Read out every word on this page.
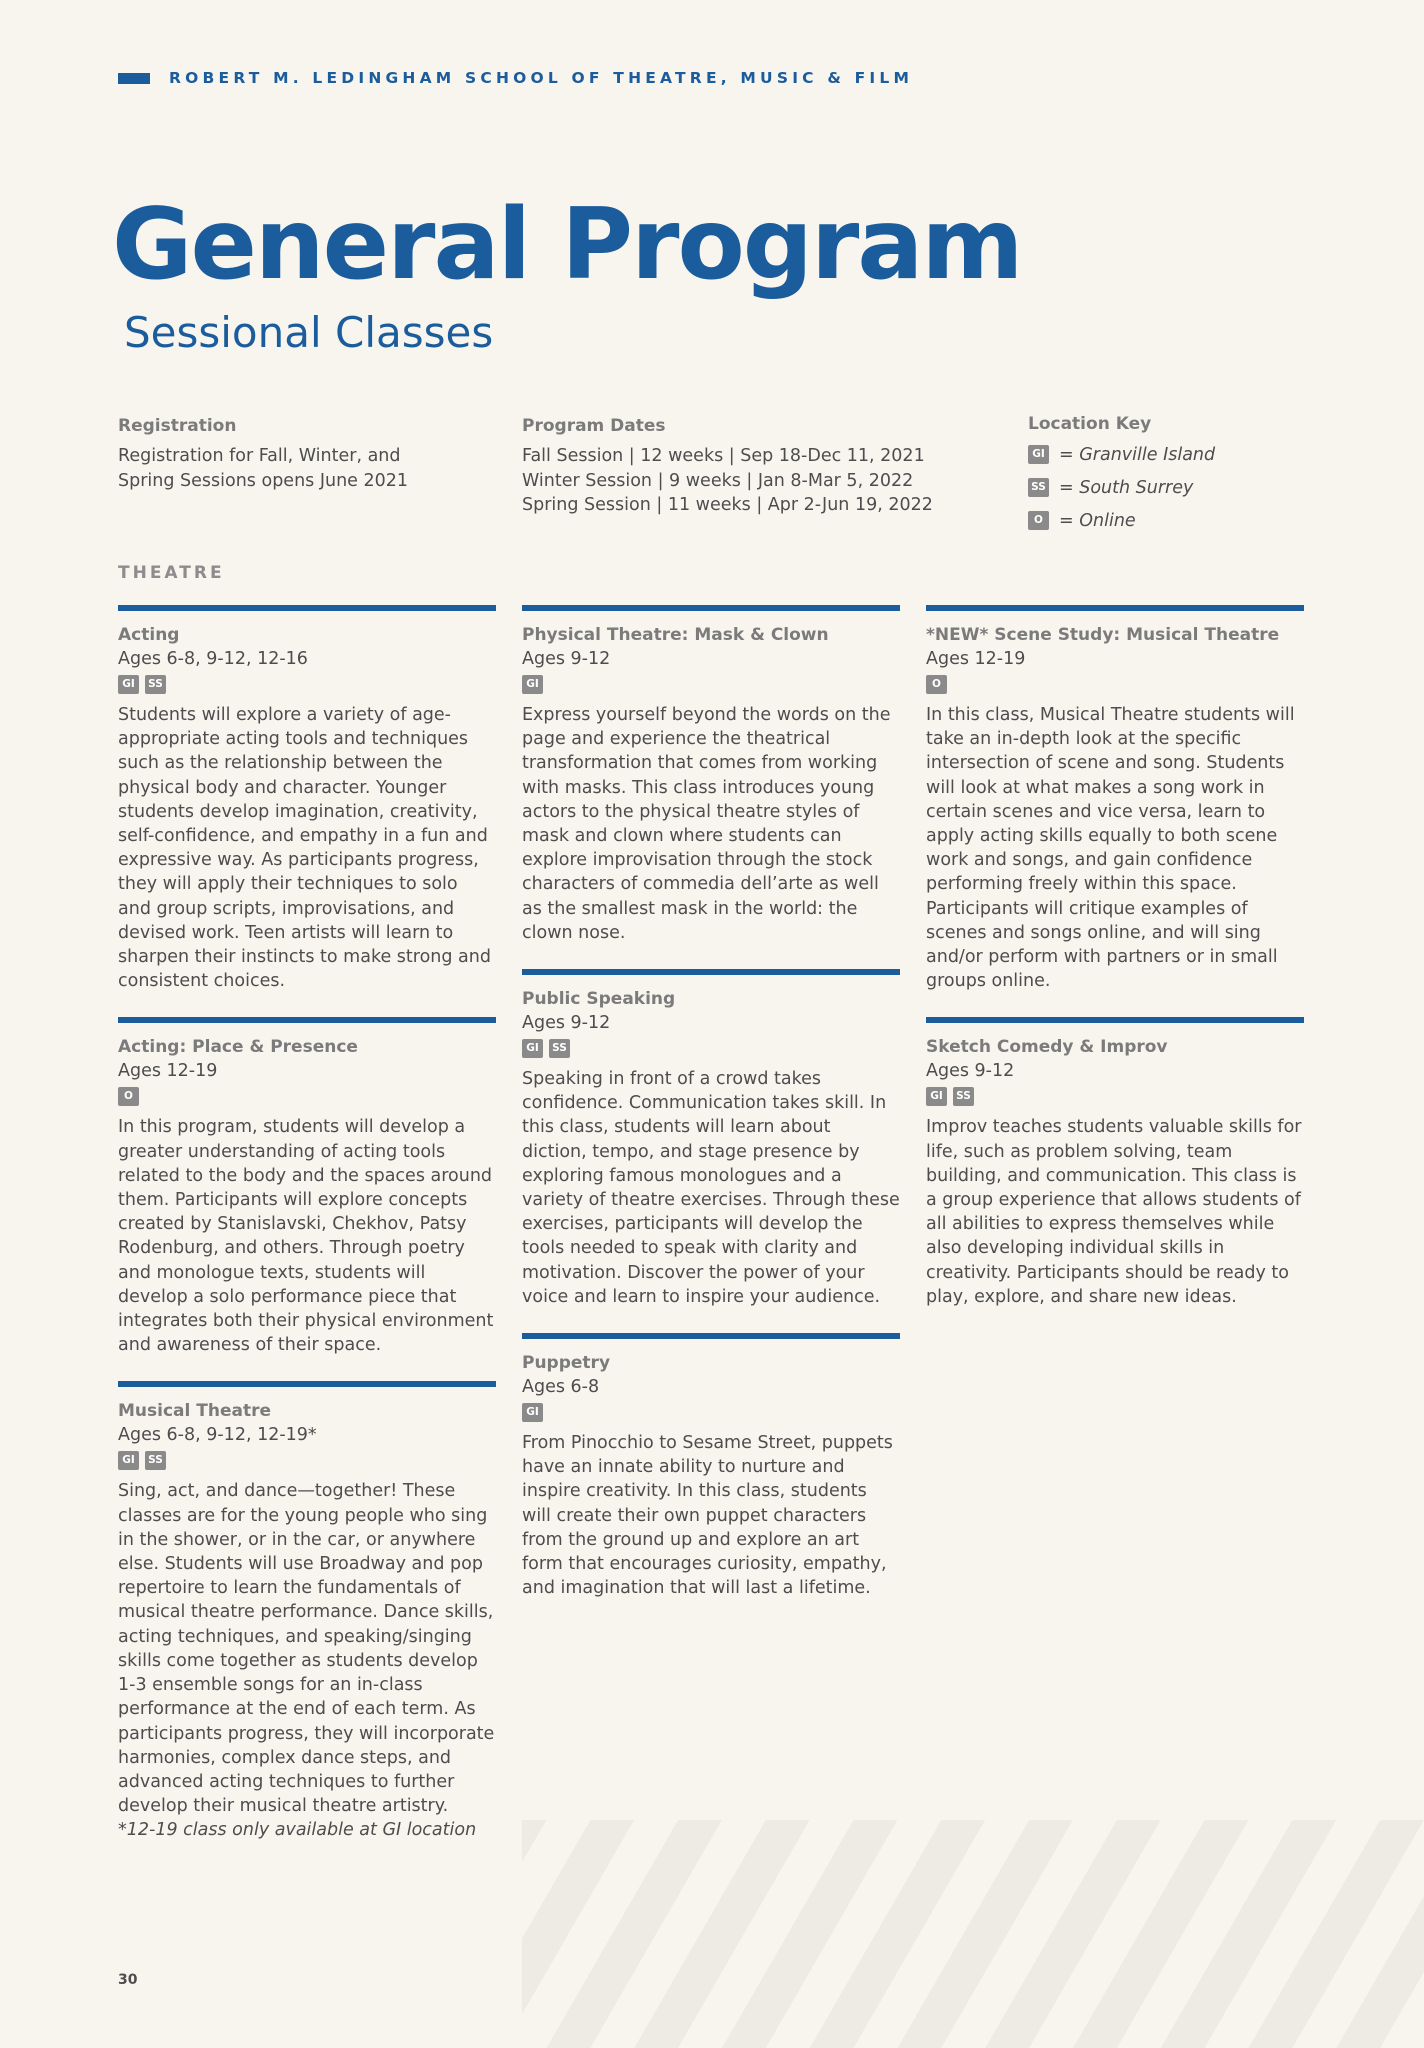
ROBERT M. LEDINGHAM SCHOOL OF THEATRE, MUSIC & FILM
General Program
Sessional Classes
Registration
Registration for Fall, Winter, and
Spring Sessions opens June 2021
Program Dates
Fall Session | 12 weeks | Sep 18-Dec 11, 2021
Winter Session | 9 weeks | Jan 8-Mar 5, 2022
Spring Session | 11 weeks | Apr 2-Jun 19, 2022
Location Key
GI = Granville Island
SS = South Surrey
O = Online
THEATRE
Acting
Ages 6-8, 9-12, 12-16
GI	SS
Students will explore a variety of age-appropriate acting tools and techniques such as the relationship between the physical body and character. Younger students develop imagination, creativity, self-confidence, and empathy in a fun and expressive way. As participants progress, they will apply their techniques to solo and group scripts, improvisations, and devised work. Teen artists will learn to sharpen their instincts to make strong and consistent choices.
Acting: Place & Presence
Ages 12-19
O
In this program, students will develop a greater understanding of acting tools related to the body and the spaces around them. Participants will explore concepts created by Stanislavski, Chekhov, Patsy Rodenburg, and others. Through poetry and monologue texts, students will develop a solo performance piece that integrates both their physical environment and awareness of their space.
Musical Theatre
Ages 6-8, 9-12, 12-19*
GI	SS
Sing, act, and dance—together! These classes are for the young people who sing in the shower, or in the car, or anywhere else. Students will use Broadway and pop repertoire to learn the fundamentals of musical theatre performance. Dance skills, acting techniques, and speaking/singing skills come together as students develop 1-3 ensemble songs for an in-class performance at the end of each term. As participants progress, they will incorporate harmonies, complex dance steps, and advanced acting techniques to further develop their musical theatre artistry.
*12-19 class only available at GI location
Physical Theatre: Mask & Clown
Ages 9-12
GI
Express yourself beyond the words on the page and experience the theatrical transformation that comes from working with masks. This class introduces young actors to the physical theatre styles of mask and clown where students can explore improvisation through the stock characters of commedia dell’arte as well as the smallest mask in the world: the clown nose.
Public Speaking
Ages 9-12
GI	SS
Speaking in front of a crowd takes confidence. Communication takes skill. In this class, students will learn about diction, tempo, and stage presence by exploring famous monologues and a variety of theatre exercises. Through these exercises, participants will develop the tools needed to speak with clarity and motivation. Discover the power of your voice and learn to inspire your audience.
Puppetry
Ages 6-8
GI
From Pinocchio to Sesame Street, puppets have an innate ability to nurture and inspire creativity. In this class, students will create their own puppet characters from the ground up and explore an art form that encourages curiosity, empathy, and imagination that will last a lifetime.
*NEW* Scene Study: Musical Theatre
Ages 12-19
O
In this class, Musical Theatre students will take an in-depth look at the specific intersection of scene and song. Students will look at what makes a song work in certain scenes and vice versa, learn to apply acting skills equally to both scene work and songs, and gain confidence performing freely within this space. Participants will critique examples of scenes and songs online, and will sing and/or perform with partners or in small groups online.
Sketch Comedy & Improv
Ages 9-12
GI	SS
Improv teaches students valuable skills for life, such as problem solving, team building, and communication. This class is a group experience that allows students of all abilities to express themselves while also developing individual skills in creativity. Participants should be ready to play, explore, and share new ideas.
30
